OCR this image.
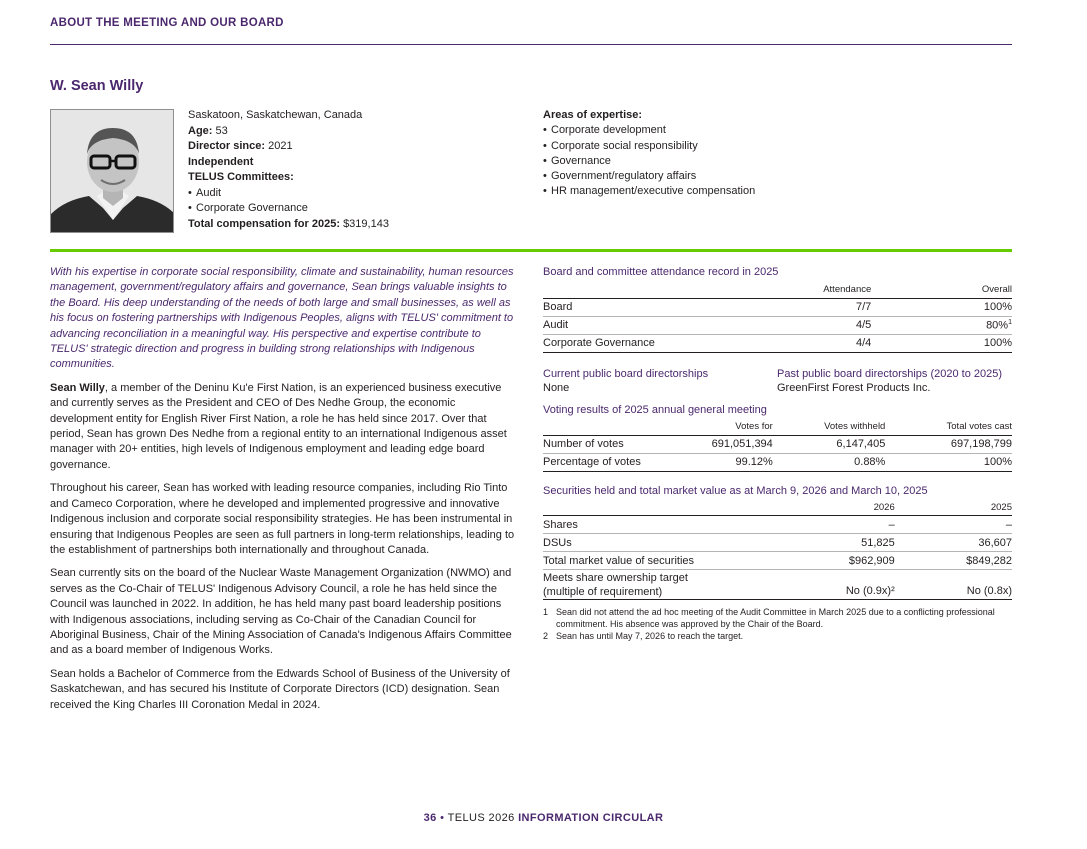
ABOUT THE MEETING AND OUR BOARD
W. Sean Willy
Saskatoon, Saskatchewan, Canada
Age: 53
Director since: 2021
Independent
TELUS Committees:
• Audit
• Corporate Governance
Total compensation for 2025: $319,143
Areas of expertise:
• Corporate development
• Corporate social responsibility
• Governance
• Government/regulatory affairs
• HR management/executive compensation

With his expertise in corporate social responsibility, climate and sustainability, human resources management, government/regulatory affairs and governance, Sean brings valuable insights to the Board. His deep understanding of the needs of both large and small businesses, as well as his focus on fostering partnerships with Indigenous Peoples, aligns with TELUS' commitment to advancing reconciliation in a meaningful way. His perspective and expertise contribute to TELUS' strategic direction and progress in building strong relationships with Indigenous communities.

Sean Willy, a member of the Deninu Ku'e First Nation, is an experienced business executive and currently serves as the President and CEO of Des Nedhe Group, the economic development entity for English River First Nation, a role he has held since 2017. Over that period, Sean has grown Des Nedhe from a regional entity to an international Indigenous asset manager with 20+ entities, high levels of Indigenous employment and leading edge board governance.

Throughout his career, Sean has worked with leading resource companies, including Rio Tinto and Cameco Corporation, where he developed and implemented progressive and innovative Indigenous inclusion and corporate social responsibility strategies. He has been instrumental in ensuring that Indigenous Peoples are seen as full partners in long-term relationships, leading to the establishment of partnerships both internationally and throughout Canada.

Sean currently sits on the board of the Nuclear Waste Management Organization (NWMO) and serves as the Co-Chair of TELUS' Indigenous Advisory Council, a role he has held since the Council was launched in 2022. In addition, he has held many past board leadership positions with Indigenous associations, including serving as Co-Chair of the Canadian Council for Aboriginal Business, Chair of the Mining Association of Canada's Indigenous Affairs Committee and as a board member of Indigenous Works.

Sean holds a Bachelor of Commerce from the Edwards School of Business of the University of Saskatchewan, and has secured his Institute of Corporate Directors (ICD) designation. Sean received the King Charles III Coronation Medal in 2024.

Board and committee attendance record in 2025
	Attendance	Overall
Board	7/7	100%
Audit	4/5	80%$^1$
Corporate Governance	4/4	100%
Current public board directorships
None
Past public board directorships (2020 to 2025)
GreenFirst Forest Products Inc.
Voting results of 2025 annual general meeting
	Votes for	Votes withheld	Total votes cast
Number of votes	691,051,394	6,147,405	697,198,799
Percentage of votes	99.12%	0.88%	100%
Securities held and total market value as at March 9, 2026 and March 10, 2025
	2026	2025
Shares	–	–
DSUs	51,825	36,607
Total market value of securities	$962,909	$849,282

Meets share ownership target
(multiple of requirement)	No (0.9x)²	No (0.8x)
1 Sean did not attend the ad hoc meeting of the Audit Committee in March 2025 due to a conflicting professional commitment. His absence was approved by the Chair of the Board.
2 Sean has until May 7, 2026 to reach the target.
36 • TELUS 2026 INFORMATION CIRCULAR
